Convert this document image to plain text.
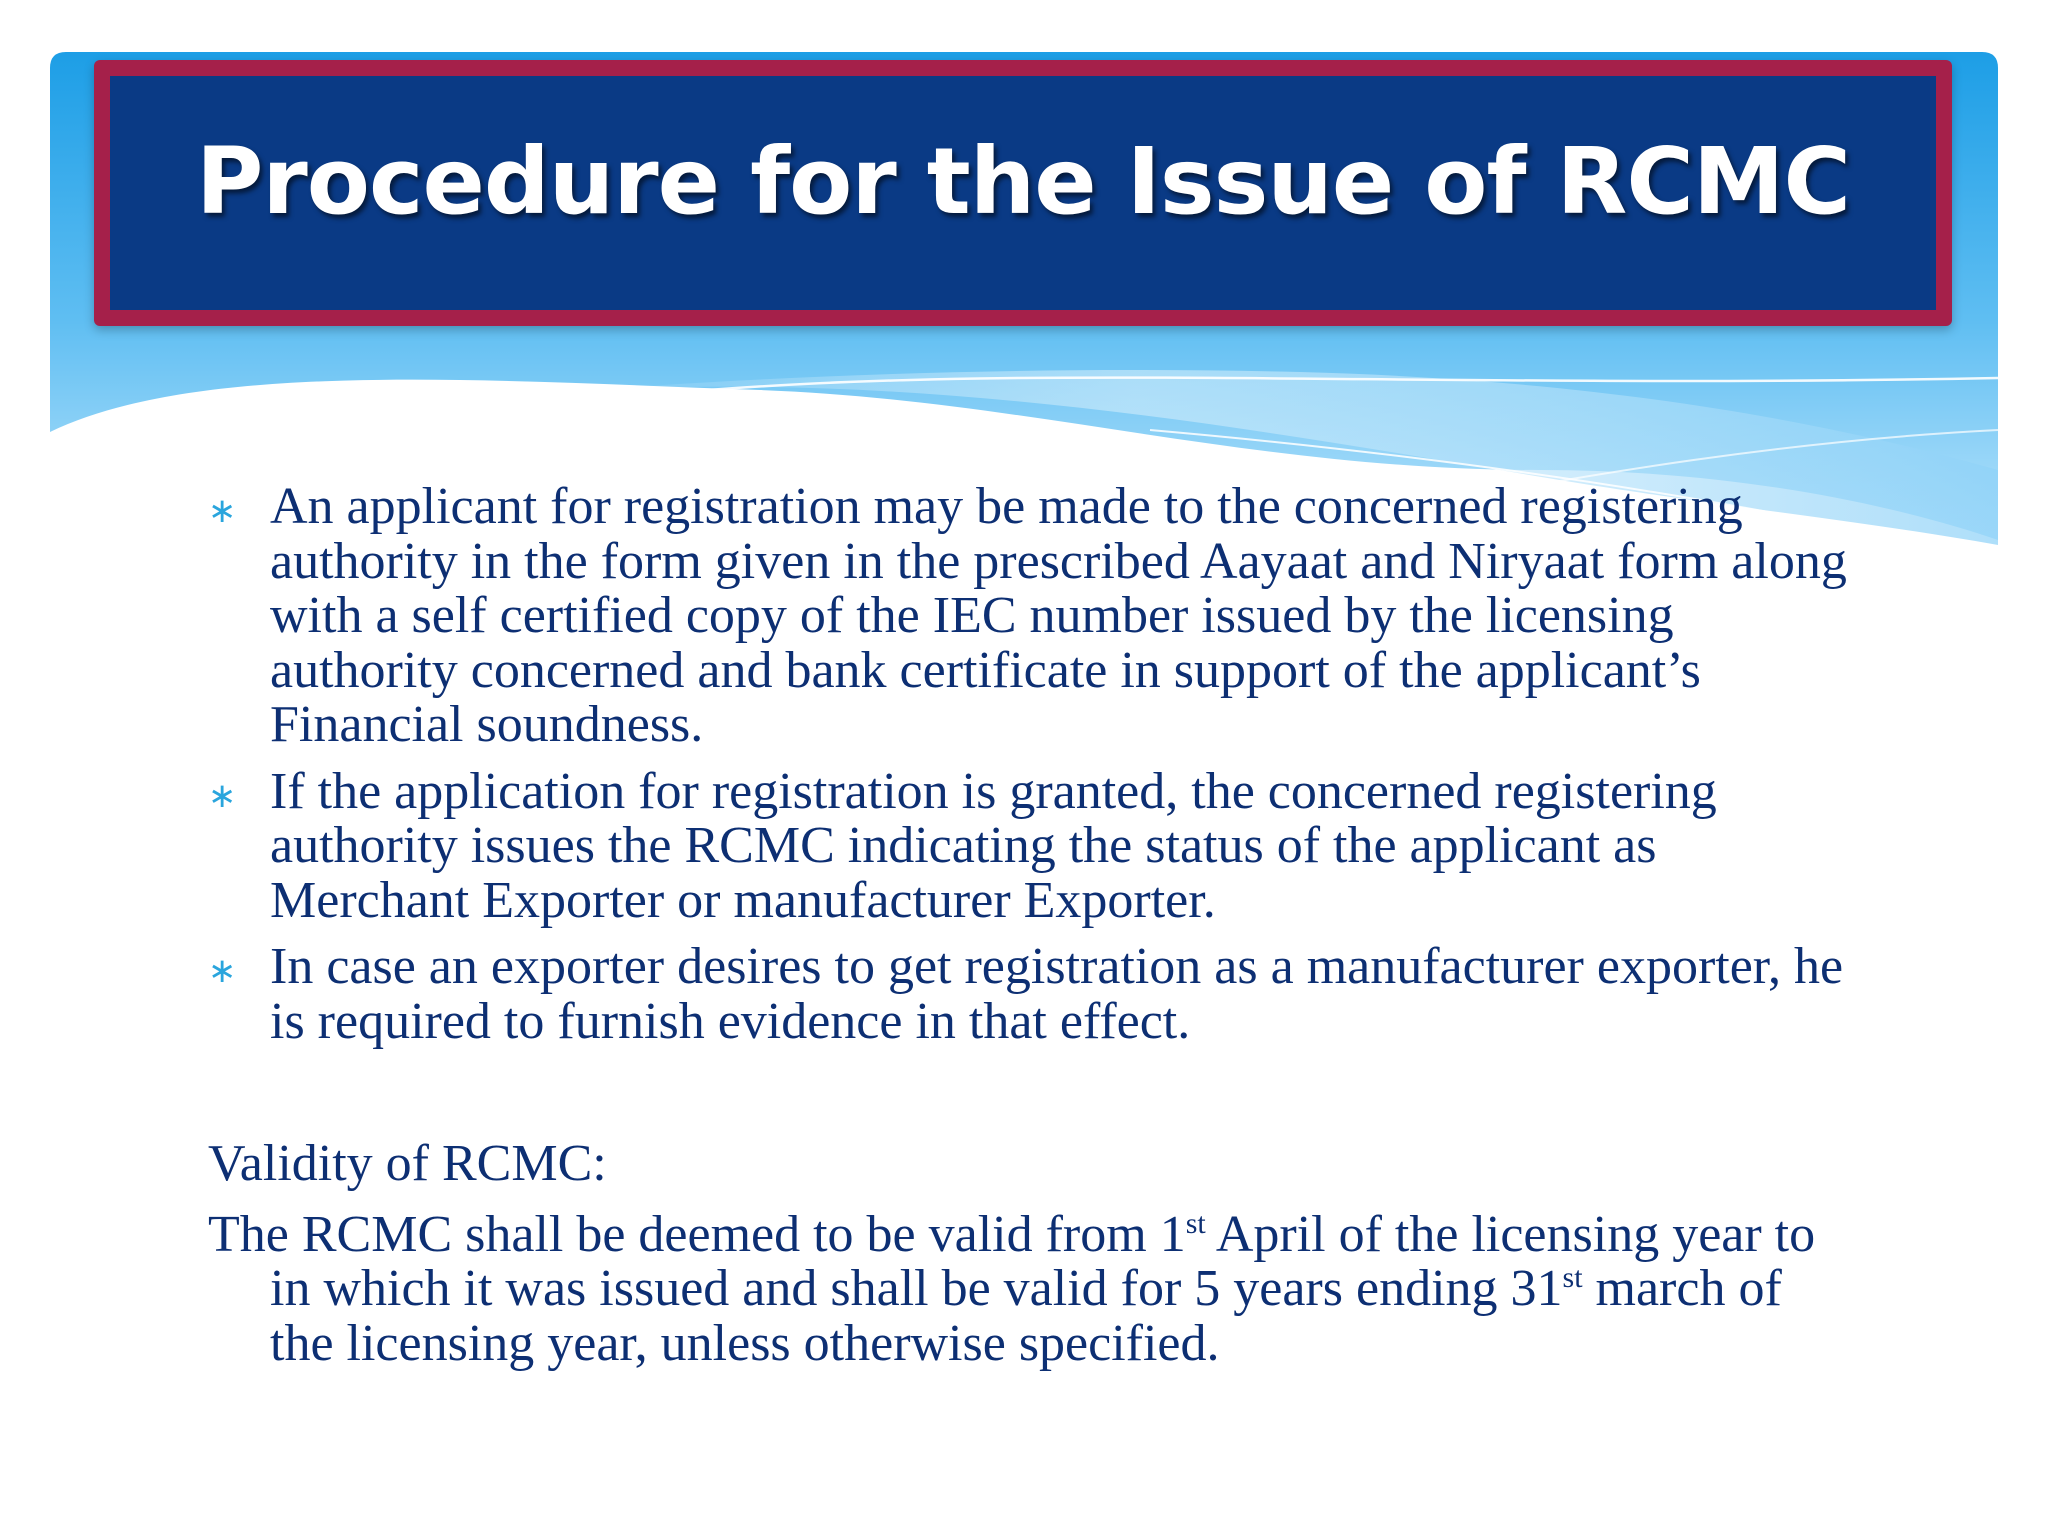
Procedure for the Issue of RCMC
∗ An applicant for registration may be made to the concerned registering authority in the form given in the prescribed Aayaat and Niryaat form along with a self certified copy of the IEC number issued by the licensing authority concerned and bank certificate in support of the applicant’s Financial soundness.
∗ If the application for registration is granted, the concerned registering authority issues the RCMC indicating the status of the applicant as Merchant Exporter or manufacturer Exporter.
∗ In case an exporter desires to get registration as a manufacturer exporter, he is required to furnish evidence in that effect.
Validity of RCMC:
The RCMC shall be deemed to be valid from 1st April of the licensing year to in which it was issued and shall be valid for 5 years ending 31st march of the licensing year, unless otherwise specified.
